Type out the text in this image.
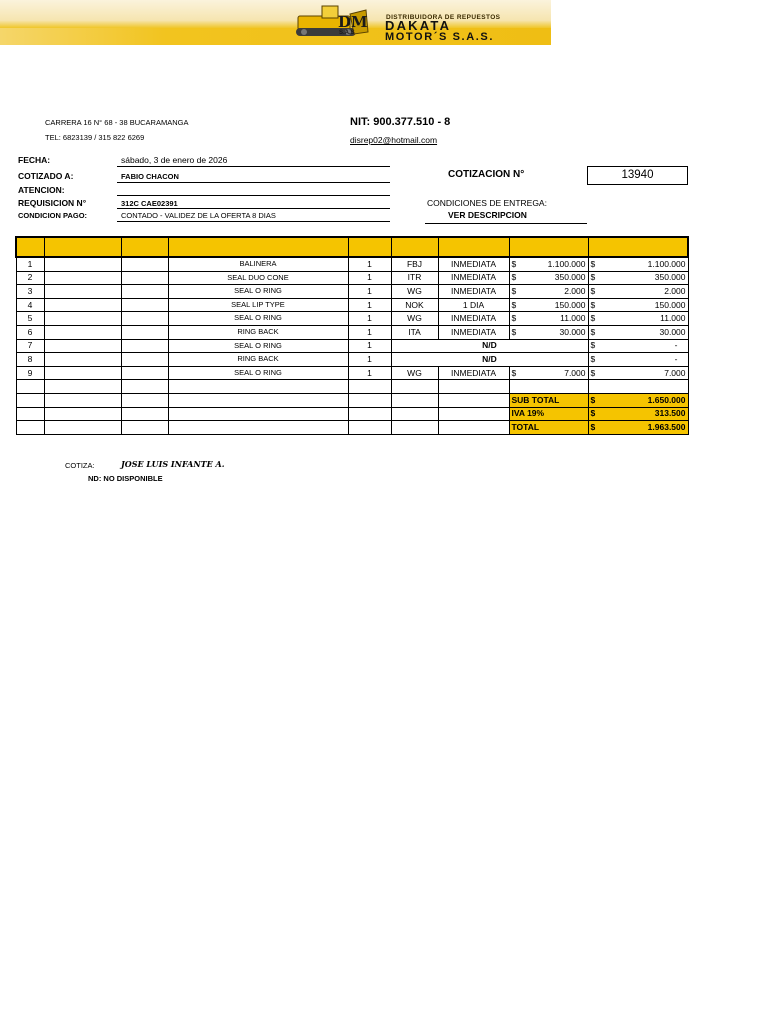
DM
S.A.S
DISTRIBUIDORA DE REPUESTOS
DAKATA
MOTOR´S S.A.S.
CARRERA 16 N° 68 - 38 BUCARAMANGA
TEL: 6823139 / 315 822 6269
NIT: 900.377.510 - 8
disrep02@hotmail.com
FECHA:	sábado, 3 de enero de 2026
COTIZADO A:	FABIO CHACON
ATENCION:
REQUISICION N°	312C CAE02391
CONDICION PAGO:	CONTADO - VALIDEZ DE LA OFERTA 8 DIAS
COTIZACION N°	13940
CONDICIONES DE ENTREGA:
VER DESCRIPCION

1			BALINERA	1	FBJ	INMEDIATA	$ 1.100.000	$ 1.100.000

2			SEAL DUO CONE	1	ITR	INMEDIATA	$ 350.000	$ 350.000

3			SEAL O RING	1	WG	INMEDIATA	$ 2.000	$ 2.000

4			SEAL LIP TYPE	1	NOK	1 DIA	$ 150.000	$ 150.000

5			SEAL O RING	1	WG	INMEDIATA	$ 11.000	$ 11.000

6			RING BACK	1	ITA	INMEDIATA	$ 30.000	$ 30.000

7			SEAL O RING	1	N/D			$ -

8			RING BACK	1	N/D			$ -

9			SEAL O RING	1	WG	INMEDIATA	$ 7.000	$ 7.000

							SUB TOTAL	$ 1.650.000

							IVA 19%	$ 313.500

							TOTAL	$ 1.963.500
COTIZA:	JOSE LUIS INFANTE A.
ND: NO DISPONIBLE
